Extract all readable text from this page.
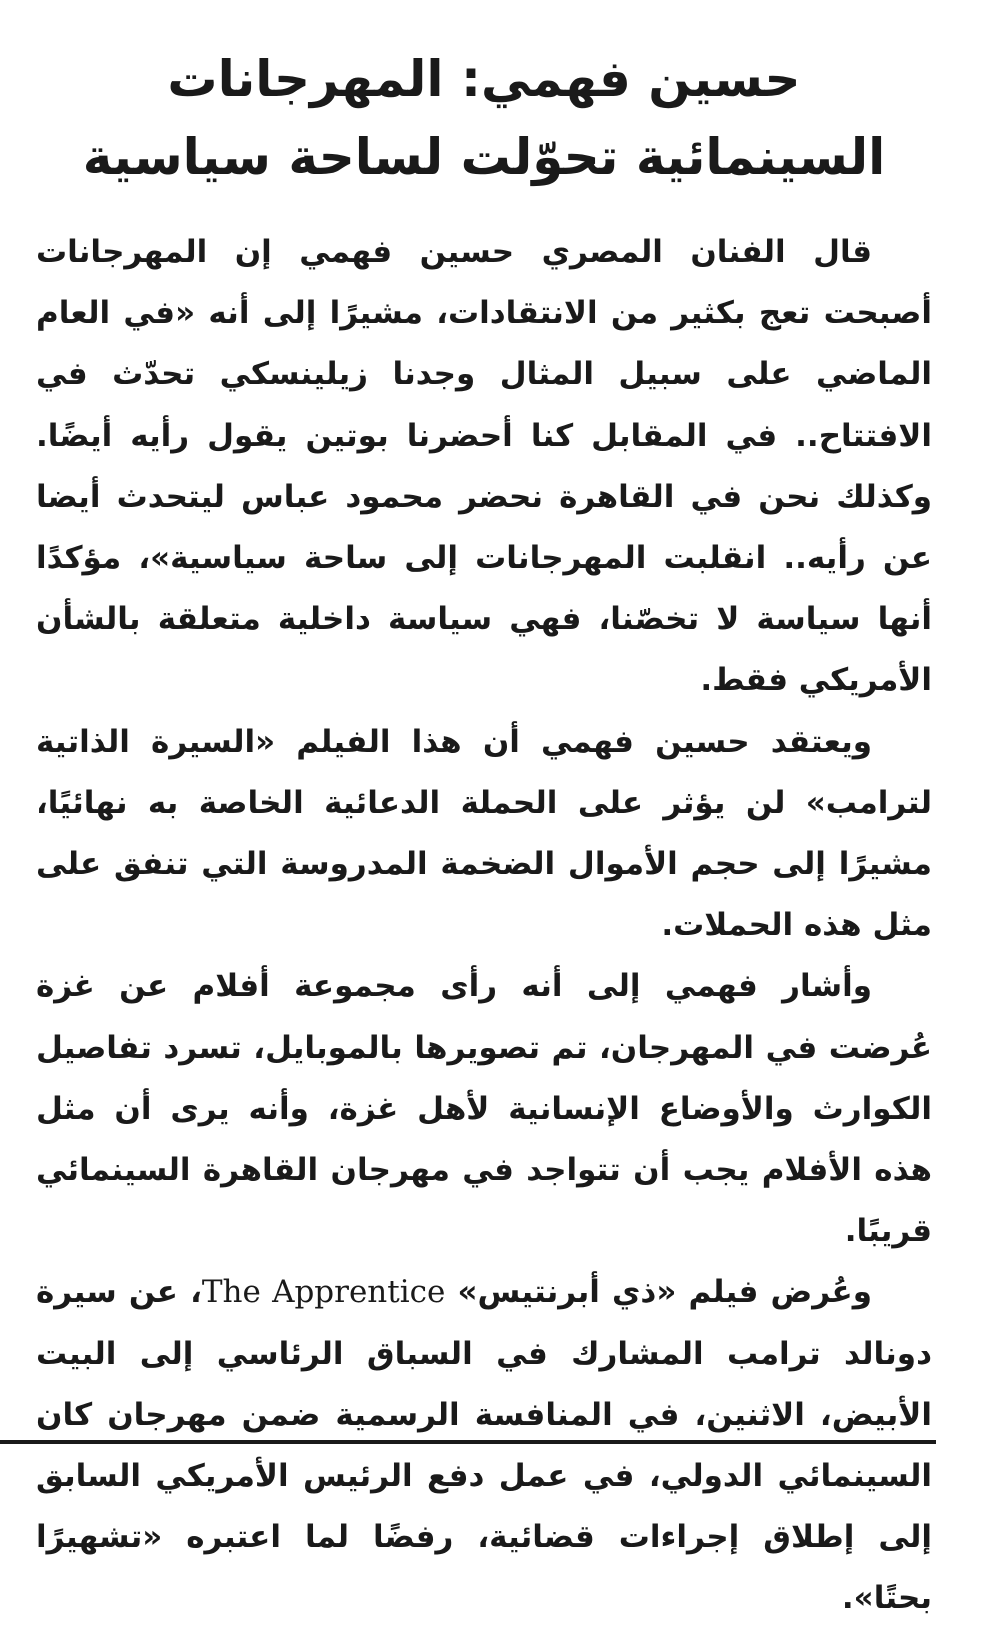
حسين فهمي: المهرجانات
السينمائية تحوّلت لساحة سياسية

قال الفنان المصري حسين فهمي إن المهرجانات أصبحت تعج بكثير من الانتقادات، مشيرًا إلى أنه «في العام الماضي على سبيل المثال وجدنا زيلينسكي تحدّث في الافتتاح.. في المقابل كنا أحضرنا بوتين يقول رأيه أيضًا. وكذلك نحن في القاهرة نحضر محمود عباس ليتحدث أيضا عن رأيه.. انقلبت المهرجانات إلى ساحة سياسية»، مؤكدًا أنها سياسة لا تخصّنا، فهي سياسة داخلية متعلقة بالشأن الأمريكي فقط.

ويعتقد حسين فهمي أن هذا الفيلم «السيرة الذاتية لترامب» لن يؤثر على الحملة الدعائية الخاصة به نهائيًا، مشيرًا إلى حجم الأموال الضخمة المدروسة التي تنفق على مثل هذه الحملات.

وأشار فهمي إلى أنه رأى مجموعة أفلام عن غزة عُرضت في المهرجان، تم تصويرها بالموبايل، تسرد تفاصيل الكوارث والأوضاع الإنسانية لأهل غزة، وأنه يرى أن مثل هذه الأفلام يجب أن تتواجد في مهرجان القاهرة السينمائي قريبًا.

وعُرض فيلم «ذي أبرنتيس» The Apprentice، عن سيرة دونالد ترامب المشارك في السباق الرئاسي إلى البيت الأبيض، الاثنين، في المنافسة الرسمية ضمن مهرجان كان السينمائي الدولي، في عمل دفع الرئيس الأمريكي السابق إلى إطلاق إجراءات قضائية، رفضًا لما اعتبره «تشهيرًا بحتًا».
